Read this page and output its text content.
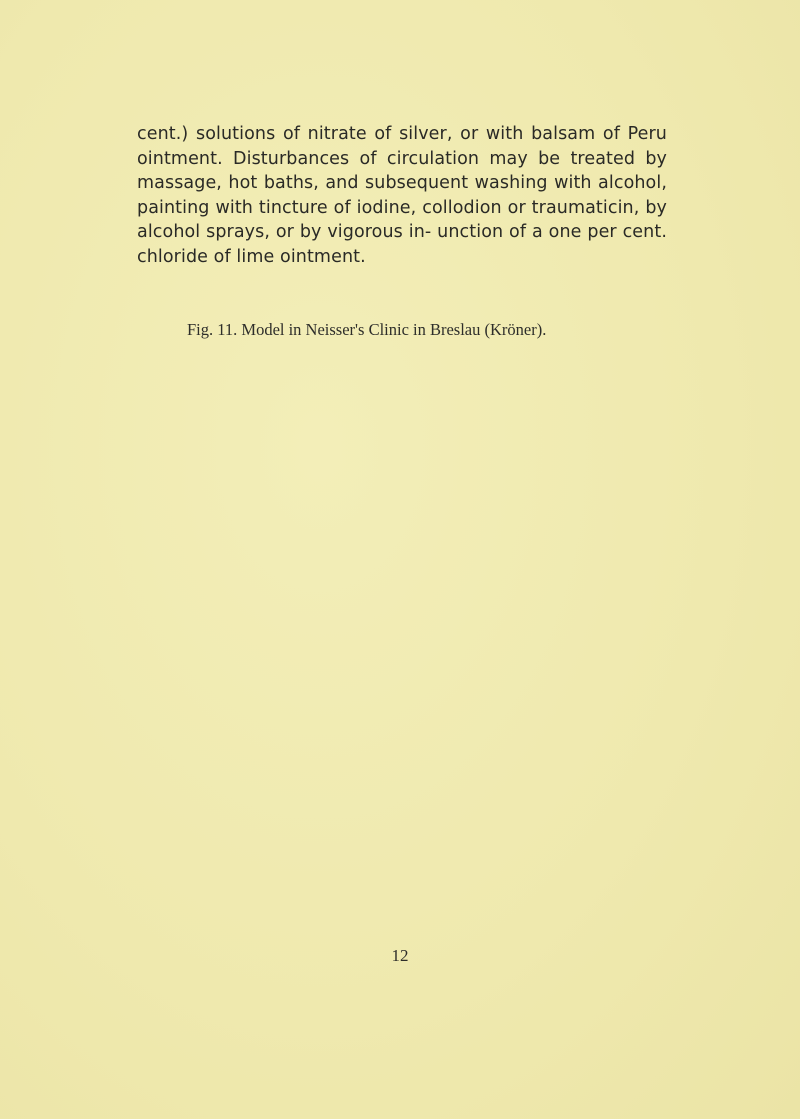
cent.) solutions of nitrate of silver, or with balsam of Peru ointment. Disturbances of circulation may be treated by massage, hot baths, and subsequent washing with alcohol, painting with tincture of iodine, collodion or traumaticin, by alcohol sprays, or by vigorous in- unction of a one per cent. chloride of lime ointment.

Fig. 11. Model in Neisser's Clinic in Breslau (Kröner).

12
